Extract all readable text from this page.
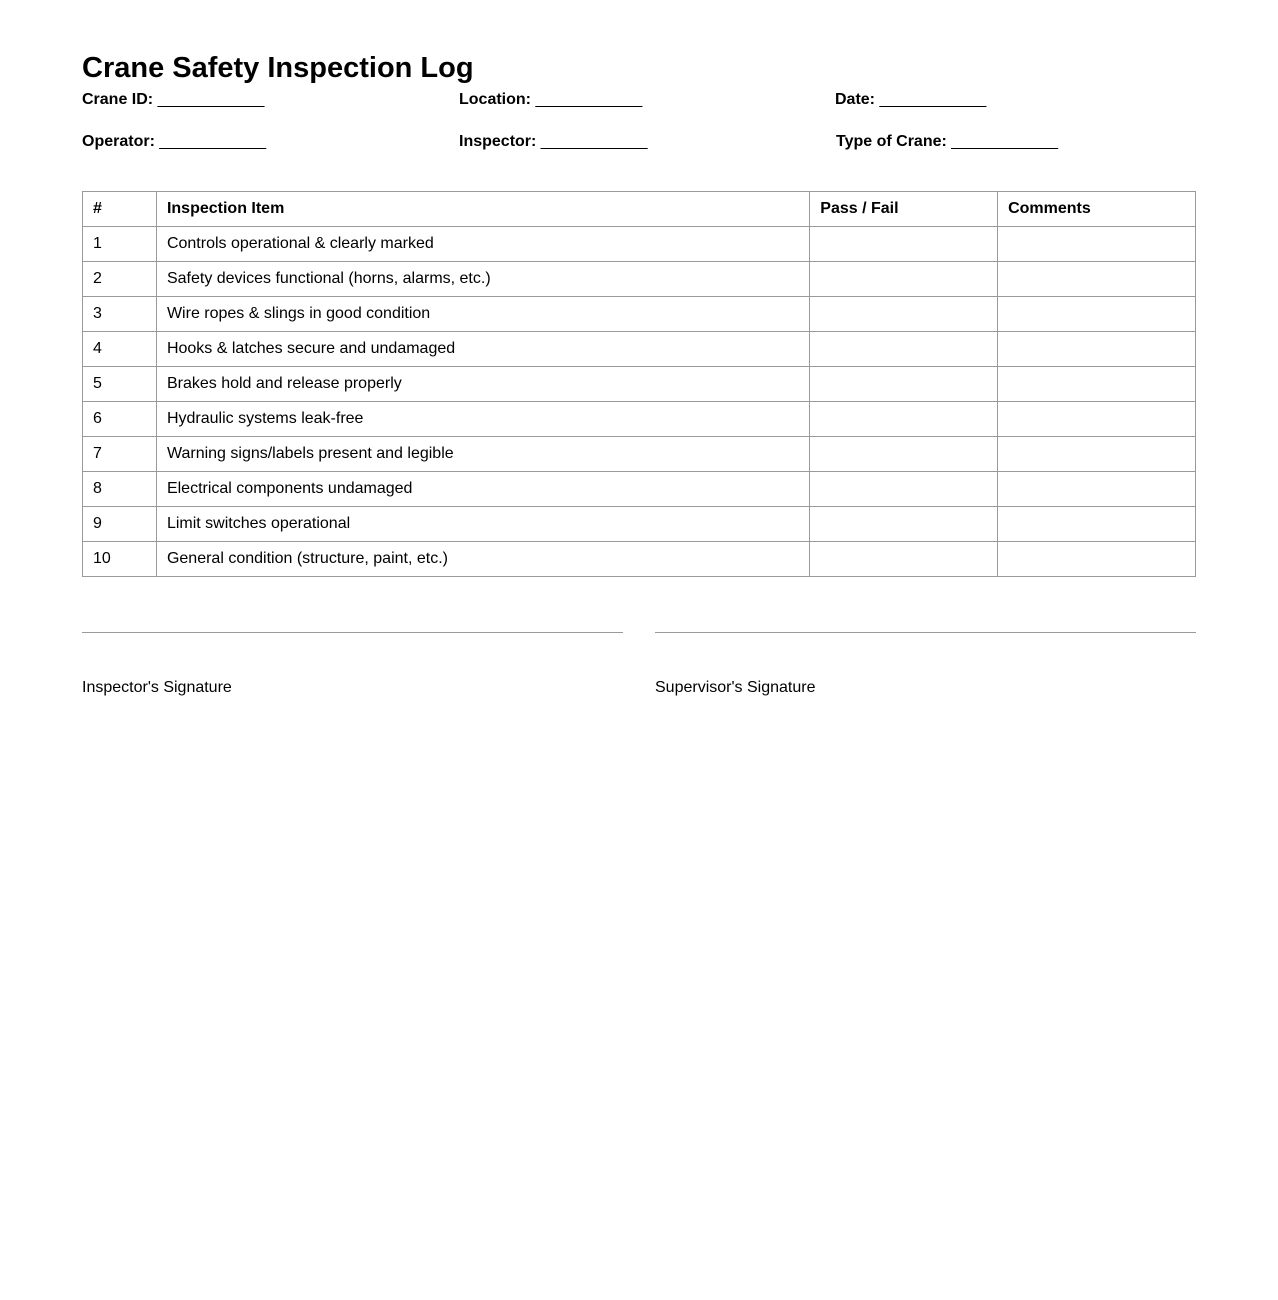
Crane Safety Inspection Log
Crane ID: ____________	Location: ____________	Date: ____________
Operator: ____________	Inspector: ____________	Type of Crane: ____________
#	Inspection Item	Pass / Fail	Comments
1	Controls operational & clearly marked		
2	Safety devices functional (horns, alarms, etc.)		
3	Wire ropes & slings in good condition		
4	Hooks & latches secure and undamaged		
5	Brakes hold and release properly		
6	Hydraulic systems leak-free		
7	Warning signs/labels present and legible		
8	Electrical components undamaged		
9	Limit switches operational		
10	General condition (structure, paint, etc.)		
Inspector's Signature	Supervisor's Signature
